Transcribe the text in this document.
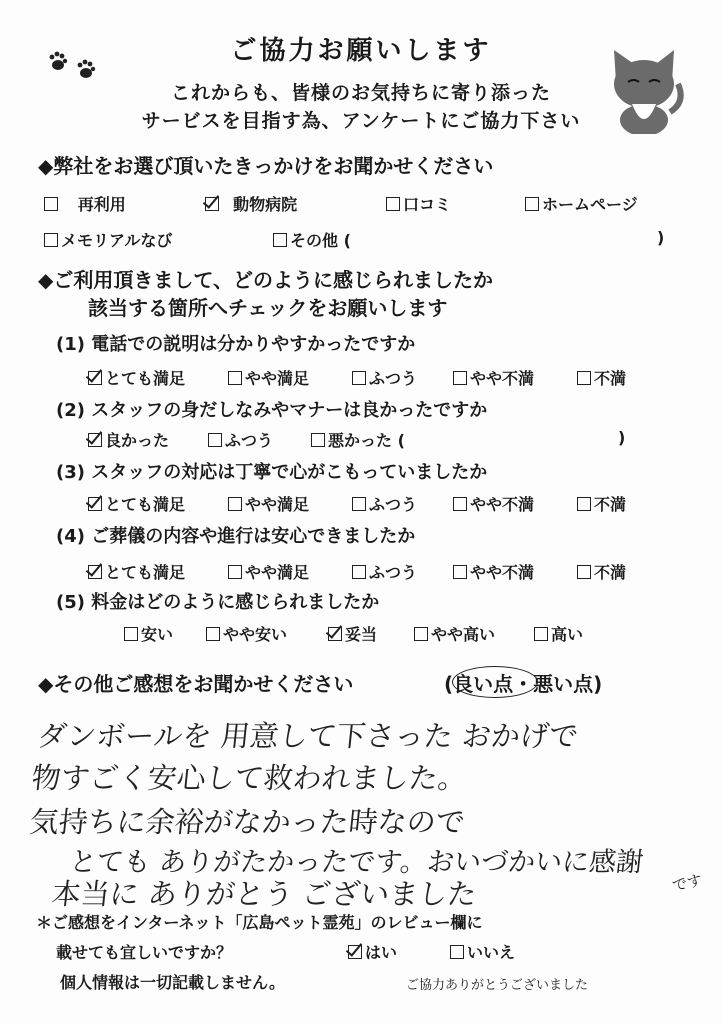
ご協力お願いします
これからも、皆様のお気持ちに寄り添った
サービスを目指す為、アンケートにご協力下さい
◆弊社をお選び頂いたきっかけをお聞かせください
再利用	動物病院	口コミ	ホームページ
メモリアルなび	その他 (	)
◆ご利用頂きまして、どのように感じられましたか
該当する箇所へチェックをお願いします
(1) 電話での説明は分かりやすかったですか
とても満足	やや満足	ふつう	やや不満	不満
(2) スタッフの身だしなみやマナーは良かったですか
良かった	ふつう	悪かった (	)
(3) スタッフの対応は丁寧で心がこもっていましたか
とても満足	やや満足	ふつう	やや不満	不満
(4) ご葬儀の内容や進行は安心できましたか
とても満足	やや満足	ふつう	やや不満	不満
(5) 料金はどのように感じられましたか
安い	やや安い	妥当	やや高い	高い
◆その他ご感想をお聞かせください	(良い点・悪い点)
ダンボールを 用意して下さった おかげで
物すごく安心して救われました。
気持ちに余裕がなかった時なので
とても ありがたかったです。おいづかいに感謝
です
本当に ありがとう ございました
＊ご感想をインターネット「広島ペット霊苑」のレビュー欄に
載せても宜しいですか？	はい	いいえ
個人情報は一切記載しません。	ご協力ありがとうございました
